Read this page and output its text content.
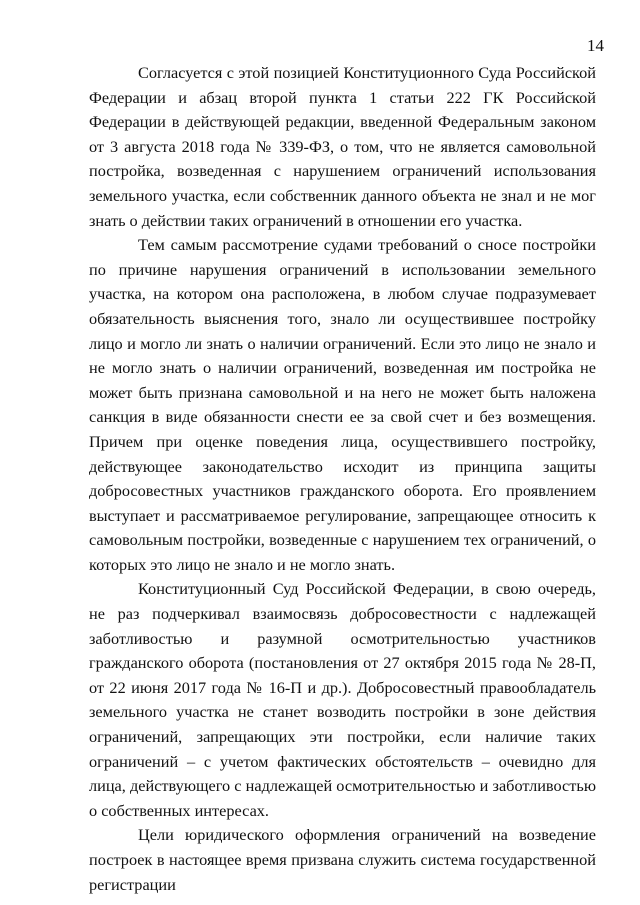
14

Согласуется с этой позицией Конституционного Суда Российской Федерации и абзац второй пункта 1 статьи 222 ГК Российской Федерации в действующей редакции, введенной Федеральным законом от 3 августа 2018 года № 339-ФЗ, о том, что не является самовольной постройка, возведенная с нарушением ограничений использования земельного участка, если собственник данного объекта не знал и не мог знать о действии таких ограничений в отношении его участка.

Тем самым рассмотрение судами требований о сносе постройки по причине нарушения ограничений в использовании земельного участка, на котором она расположена, в любом случае подразумевает обязательность выяснения того, знало ли осуществившее постройку лицо и могло ли знать о наличии ограничений. Если это лицо не знало и не могло знать о наличии ограничений, возведенная им постройка не может быть признана самовольной и на него не может быть наложена санкция в виде обязанности снести ее за свой счет и без возмещения. Причем при оценке поведения лица, осуществившего постройку, действующее законодательство исходит из принципа защиты добросовестных участников гражданского оборота. Его проявлением выступает и рассматриваемое регулирование, запрещающее относить к самовольным постройки, возведенные с нарушением тех ограничений, о которых это лицо не знало и не могло знать.

Конституционный Суд Российской Федерации, в свою очередь, не раз подчеркивал взаимосвязь добросовестности с надлежащей заботливостью и разумной осмотрительностью участников гражданского оборота (постановления от 27 октября 2015 года № 28-П, от 22 июня 2017 года № 16-П и др.). Добросовестный правообладатель земельного участка не станет возводить постройки в зоне действия ограничений, запрещающих эти постройки, если наличие таких ограничений – с учетом фактических обстоятельств – очевидно для лица, действующего с надлежащей осмотрительностью и заботливостью о собственных интересах.

Цели юридического оформления ограничений на возведение построек в настоящее время призвана служить система государственной регистрации
